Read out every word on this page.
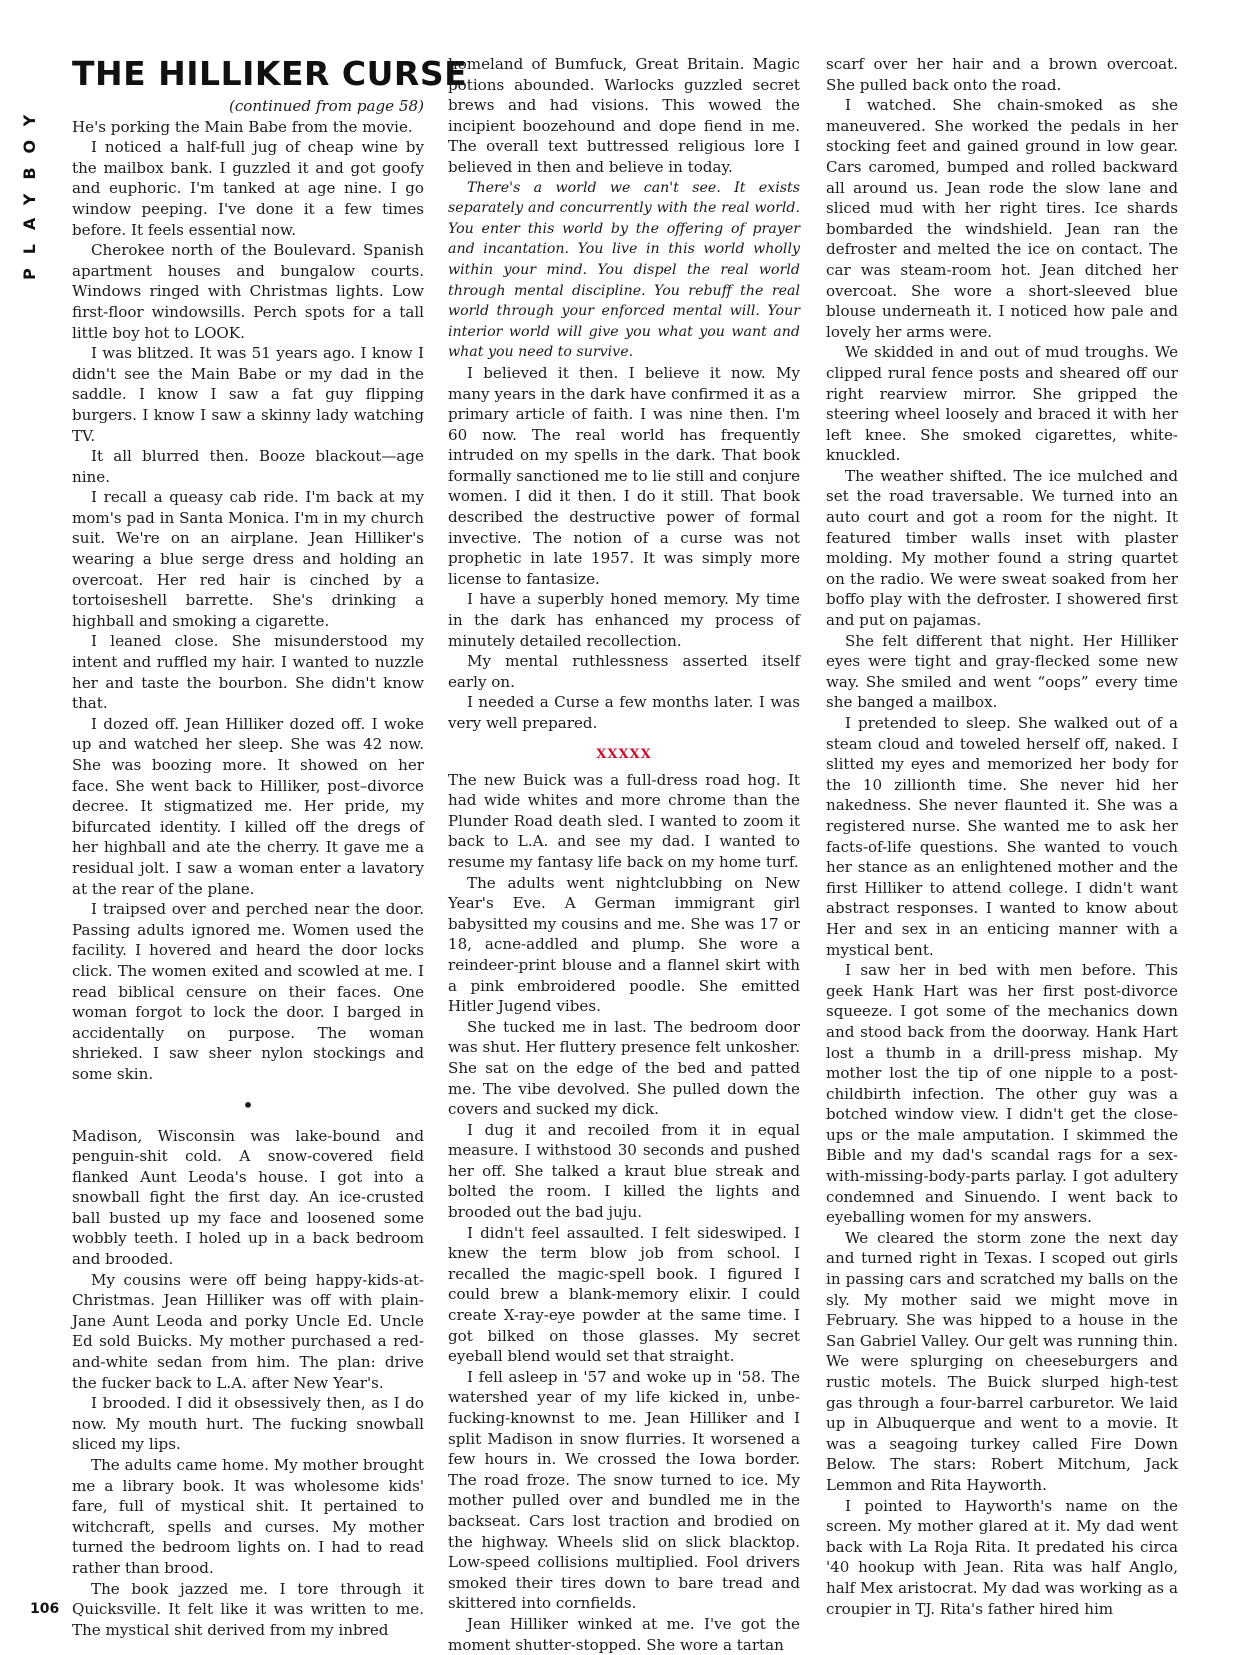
PLAYBOY
THE HILLIKER CURSE

(continued from page 58)

He's porking the Main Babe from the movie.

I noticed a half-full jug of cheap wine by the mailbox bank. I guzzled it and got goofy and euphoric. I'm tanked at age nine. I go window peeping. I've done it a few times before. It feels essential now.

Cherokee north of the Boulevard. Spanish apartment houses and bungalow courts. Windows ringed with Christmas lights. Low first-floor windowsills. Perch spots for a tall little boy hot to LOOK.

I was blitzed. It was 51 years ago. I know I didn't see the Main Babe or my dad in the saddle. I know I saw a fat guy flipping burgers. I know I saw a skinny lady watching TV.

It all blurred then. Booze blackout—age nine.

I recall a queasy cab ride. I'm back at my mom's pad in Santa Monica. I'm in my church suit. We're on an airplane. Jean Hilliker's wearing a blue serge dress and holding an overcoat. Her red hair is cinched by a tortoiseshell barrette. She's drinking a highball and smoking a cigarette.

I leaned close. She misunderstood my intent and ruffled my hair. I wanted to nuzzle her and taste the bourbon. She didn't know that.

I dozed off. Jean Hilliker dozed off. I woke up and watched her sleep. She was 42 now. She was boozing more. It showed on her face. She went back to Hilliker, post–divorce decree. It stigmatized me. Her pride, my bifurcated identity. I killed off the dregs of her highball and ate the cherry. It gave me a residual jolt. I saw a woman enter a lavatory at the rear of the plane.

I traipsed over and perched near the door. Passing adults ignored me. Women used the facility. I hovered and heard the door locks click. The women exited and scowled at me. I read biblical censure on their faces. One woman forgot to lock the door. I barged in accidentally on purpose. The woman shrieked. I saw sheer nylon stockings and some skin.

•

Madison, Wisconsin was lake-bound and penguin-shit cold. A snow-covered field flanked Aunt Leoda's house. I got into a snowball fight the first day. An ice-crusted ball busted up my face and loosened some wobbly teeth. I holed up in a back bedroom and brooded.

My cousins were off being happy-kids-at-Christmas. Jean Hilliker was off with plain-Jane Aunt Leoda and porky Uncle Ed. Uncle Ed sold Buicks. My mother purchased a red-and-white sedan from him. The plan: drive the fucker back to L.A. after New Year's.

I brooded. I did it obsessively then, as I do now. My mouth hurt. The fucking snowball sliced my lips.

The adults came home. My mother brought me a library book. It was wholesome kids' fare, full of mystical shit. It pertained to witchcraft, spells and curses. My mother turned the bedroom lights on. I had to read rather than brood.

The book jazzed me. I tore through it Quicksville. It felt like it was written to me. The mystical shit derived from my inbred

homeland of Bumfuck, Great Britain. Magic potions abounded. Warlocks guzzled secret brews and had visions. This wowed the incipient boozehound and dope fiend in me. The overall text buttressed religious lore I believed in then and believe in today.

There's a world we can't see. It exists separately and concurrently with the real world. You enter this world by the offering of prayer and incantation. You live in this world wholly within your mind. You dispel the real world through mental discipline. You rebuff the real world through your enforced mental will. Your interior world will give you what you want and what you need to survive.

I believed it then. I believe it now. My many years in the dark have confirmed it as a primary article of faith. I was nine then. I'm 60 now. The real world has frequently intruded on my spells in the dark. That book formally sanctioned me to lie still and conjure women. I did it then. I do it still. That book described the destructive power of formal invective. The notion of a curse was not prophetic in late 1957. It was simply more license to fantasize.

I have a superbly honed memory. My time in the dark has enhanced my process of minutely detailed recollection.

My mental ruthlessness asserted itself early on.

I needed a Curse a few months later. I was very well prepared.

XXXXX

The new Buick was a full-dress road hog. It had wide whites and more chrome than the Plunder Road death sled. I wanted to zoom it back to L.A. and see my dad. I wanted to resume my fantasy life back on my home turf.

The adults went nightclubbing on New Year's Eve. A German immigrant girl babysitted my cousins and me. She was 17 or 18, acne-addled and plump. She wore a reindeer-print blouse and a flannel skirt with a pink embroidered poodle. She emitted Hitler Jugend vibes.

She tucked me in last. The bedroom door was shut. Her fluttery presence felt unkosher. She sat on the edge of the bed and patted me. The vibe devolved. She pulled down the covers and sucked my dick.

I dug it and recoiled from it in equal measure. I withstood 30 seconds and pushed her off. She talked a kraut blue streak and bolted the room. I killed the lights and brooded out the bad juju.

I didn't feel assaulted. I felt sideswiped. I knew the term blow job from school. I recalled the magic-spell book. I figured I could brew a blank-memory elixir. I could create X-ray-eye powder at the same time. I got bilked on those glasses. My secret eyeball blend would set that straight.

I fell asleep in '57 and woke up in '58. The watershed year of my life kicked in, unbe-fucking-knownst to me. Jean Hilliker and I split Madison in snow flurries. It worsened a few hours in. We crossed the Iowa border. The road froze. The snow turned to ice. My mother pulled over and bundled me in the backseat. Cars lost traction and brodied on the highway. Wheels slid on slick blacktop. Low-speed collisions multiplied. Fool drivers smoked their tires down to bare tread and skittered into cornfields.

Jean Hilliker winked at me. I've got the moment shutter-stopped. She wore a tartan

scarf over her hair and a brown overcoat. She pulled back onto the road.

I watched. She chain-smoked as she maneuvered. She worked the pedals in her stocking feet and gained ground in low gear. Cars caromed, bumped and rolled backward all around us. Jean rode the slow lane and sliced mud with her right tires. Ice shards bombarded the windshield. Jean ran the defroster and melted the ice on contact. The car was steam-room hot. Jean ditched her overcoat. She wore a short-sleeved blue blouse underneath it. I noticed how pale and lovely her arms were.

We skidded in and out of mud troughs. We clipped rural fence posts and sheared off our right rearview mirror. She gripped the steering wheel loosely and braced it with her left knee. She smoked cigarettes, white-knuckled.

The weather shifted. The ice mulched and set the road traversable. We turned into an auto court and got a room for the night. It featured timber walls inset with plaster molding. My mother found a string quartet on the radio. We were sweat soaked from her boffo play with the defroster. I showered first and put on pajamas.

She felt different that night. Her Hilliker eyes were tight and gray-flecked some new way. She smiled and went “oops” every time she banged a mailbox.

I pretended to sleep. She walked out of a steam cloud and toweled herself off, naked. I slitted my eyes and memorized her body for the 10 zillionth time. She never hid her nakedness. She never flaunted it. She was a registered nurse. She wanted me to ask her facts-of-life questions. She wanted to vouch her stance as an enlightened mother and the first Hilliker to attend college. I didn't want abstract responses. I wanted to know about Her and sex in an enticing manner with a mystical bent.

I saw her in bed with men before. This geek Hank Hart was her first post-divorce squeeze. I got some of the mechanics down and stood back from the doorway. Hank Hart lost a thumb in a drill-press mishap. My mother lost the tip of one nipple to a post-childbirth infection. The other guy was a botched window view. I didn't get the close-ups or the male amputation. I skimmed the Bible and my dad's scandal rags for a sex-with-missing-body-parts parlay. I got adultery condemned and Sinuendo. I went back to eyeballing women for my answers.

We cleared the storm zone the next day and turned right in Texas. I scoped out girls in passing cars and scratched my balls on the sly. My mother said we might move in February. She was hipped to a house in the San Gabriel Valley. Our gelt was running thin. We were splurging on cheeseburgers and rustic motels. The Buick slurped high-test gas through a four-barrel carburetor. We laid up in Albuquerque and went to a movie. It was a seagoing turkey called Fire Down Below. The stars: Robert Mitchum, Jack Lemmon and Rita Hayworth.

I pointed to Hayworth's name on the screen. My mother glared at it. My dad went back with La Roja Rita. It predated his circa '40 hookup with Jean. Rita was half Anglo, half Mex aristocrat. My dad was working as a croupier in TJ. Rita's father hired him

106
